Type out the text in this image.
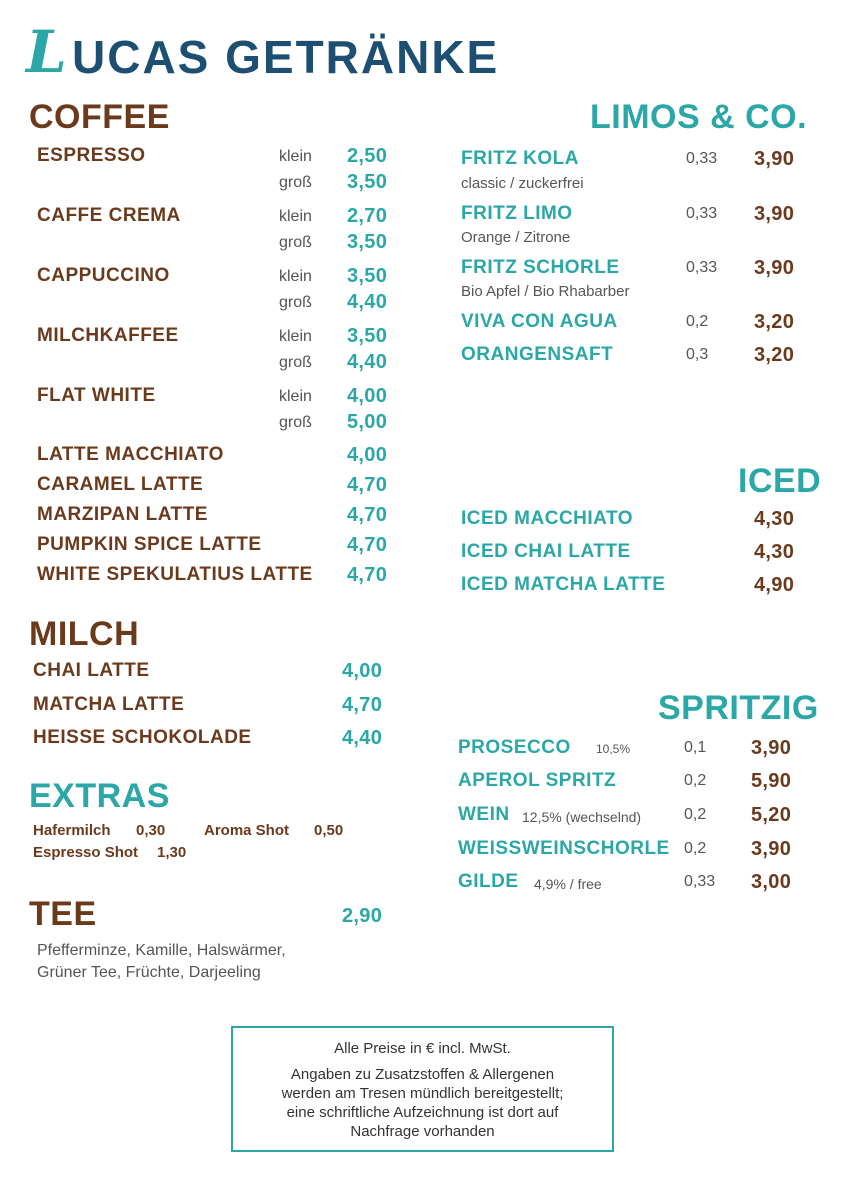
L UCAS GETRÄNKE
COFFEE
ESPRESSO	klein 2,50
groß 3,50
CAFFE CREMA	klein 2,70
groß 3,50
CAPPUCCINO	klein 3,50
groß 4,40
MILCHKAFFEE	klein 3,50
groß 4,40
FLAT WHITE	klein 4,00
groß 5,00
LATTE MACCHIATO	4,00
CARAMEL LATTE	4,70
MARZIPAN LATTE	4,70
PUMPKIN SPICE LATTE	4,70
WHITE SPEKULATIUS LATTE 4,70
MILCH
CHAI LATTE	4,00
MATCHA LATTE	4,70
HEISSE SCHOKOLADE	4,40
EXTRAS
Hafermilch 0,30	Aroma Shot 0,50
Espresso Shot 1,30
TEE	2,90
Pfefferminze, Kamille, Halswärmer,
Grüner Tee, Früchte, Darjeeling
LIMOS & CO.
FRITZ KOLA	0,33 3,90
classic / zuckerfrei
FRITZ LIMO	0,33 3,90
Orange / Zitrone
FRITZ SCHORLE	0,33 3,90
Bio Apfel / Bio Rhabarber
VIVA CON AGUA	0,2 3,20
ORANGENSAFT	0,3 3,20
ICED
ICED MACCHIATO	4,30
ICED CHAI LATTE	4,30
ICED MATCHA LATTE	4,90
SPRITZIG
PROSECCO 10,5%	0,1 3,90
APEROL SPRITZ	0,2 5,90
WEIN 12,5% (wechselnd)	0,2 5,20
WEISSWEINSCHORLE 0,2 3,90
GILDE 4,9% / free	0,33 3,00
Alle Preise in € incl. MwSt.
Angaben zu Zusatzstoffen & Allergenen
werden am Tresen mündlich bereitgestellt;
eine schriftliche Aufzeichnung ist dort auf
Nachfrage vorhanden
